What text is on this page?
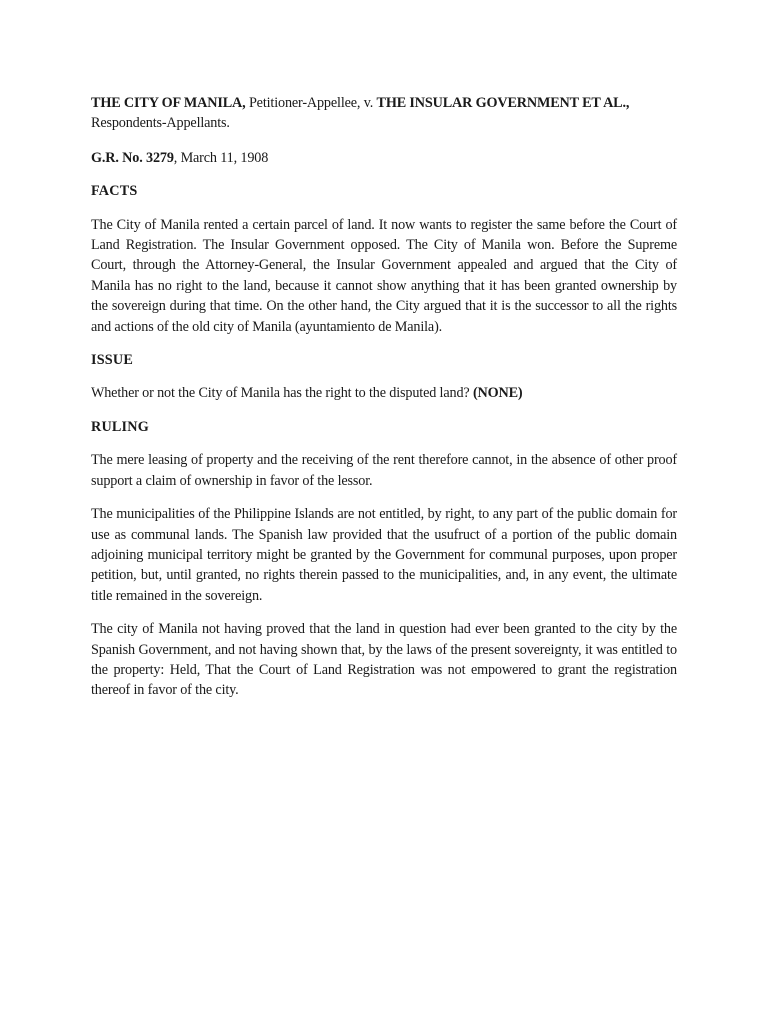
THE CITY OF MANILA, Petitioner-Appellee, v. THE INSULAR GOVERNMENT ET AL.,
Respondents-Appellants.

G.R. No. 3279, March 11, 1908

FACTS

The City of Manila rented a certain parcel of land. It now wants to register the same before the Court of Land Registration. The Insular Government opposed. The City of Manila won. Before the Supreme Court, through the Attorney-General, the Insular Government appealed and argued that the City of Manila has no right to the land, because it cannot show anything that it has been granted ownership by the sovereign during that time. On the other hand, the City argued that it is the successor to all the rights and actions of the old city of Manila (ayuntamiento de Manila).

ISSUE

Whether or not the City of Manila has the right to the disputed land? (NONE)

RULING

The mere leasing of property and the receiving of the rent therefore cannot, in the absence of other proof support a claim of ownership in favor of the lessor.

The municipalities of the Philippine Islands are not entitled, by right, to any part of the public domain for use as communal lands. The Spanish law provided that the usufruct of a portion of the public domain adjoining municipal territory might be granted by the Government for communal purposes, upon proper petition, but, until granted, no rights therein passed to the municipalities, and, in any event, the ultimate title remained in the sovereign.

The city of Manila not having proved that the land in question had ever been granted to the city by the Spanish Government, and not having shown that, by the laws of the present sovereignty, it was entitled to the property: Held, That the Court of Land Registration was not empowered to grant the registration thereof in favor of the city.
